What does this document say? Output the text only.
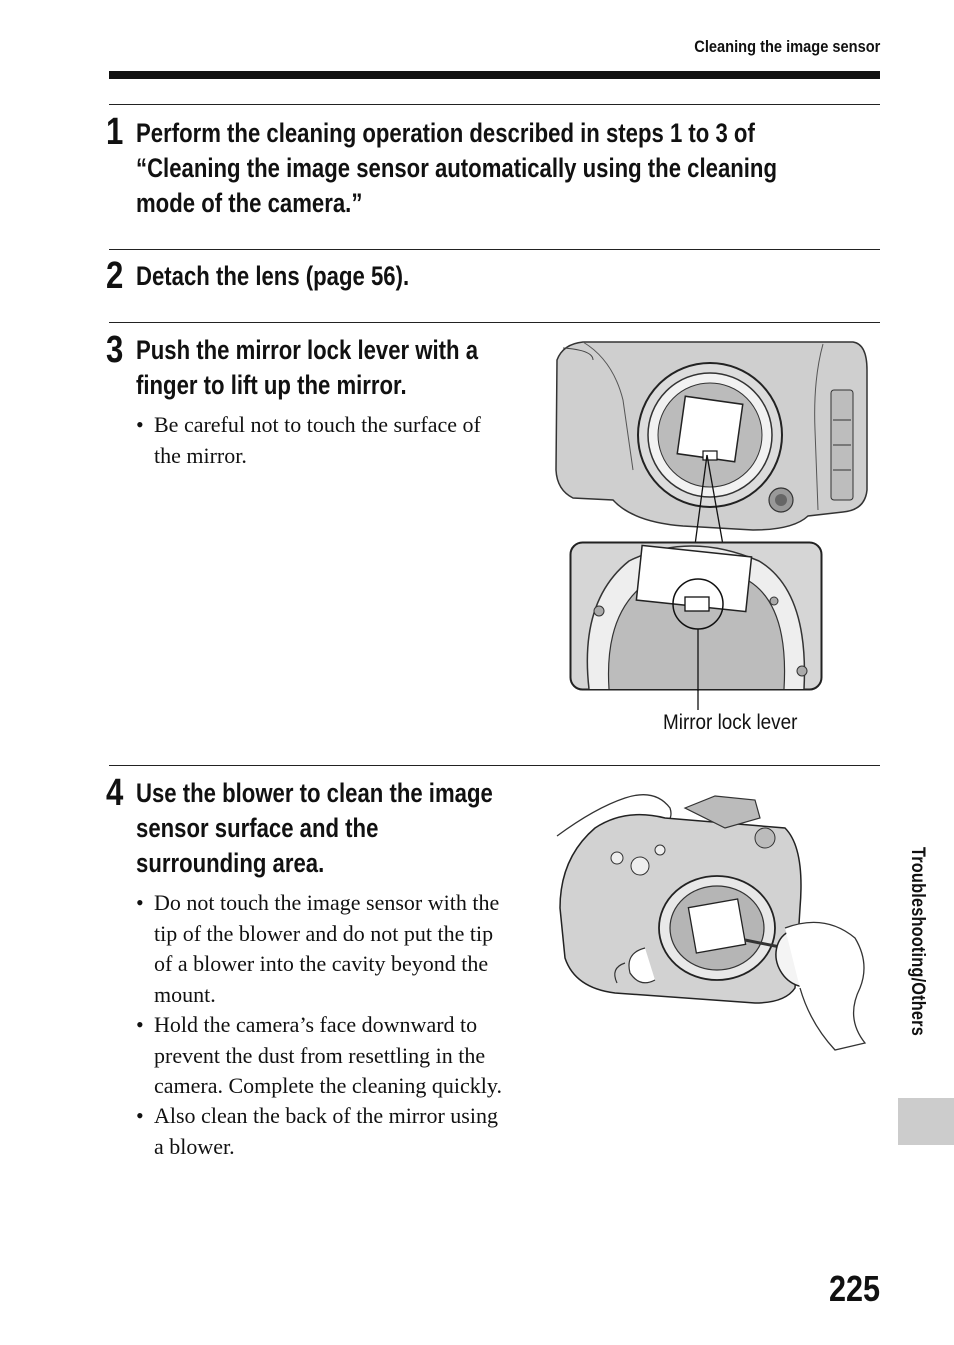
Cleaning the image sensor
1 Perform the cleaning operation described in steps 1 to 3 of
“Cleaning the image sensor automatically using the cleaning
mode of the camera.”
2 Detach the lens (page 56).
3 Push the mirror lock lever with a
finger to lift up the mirror.
• Be careful not to touch the surface of
the mirror.
Mirror lock lever
4 Use the blower to clean the image
sensor surface and the
surrounding area.
• Do not touch the image sensor with the
tip of the blower and do not put the tip
of a blower into the cavity beyond the
mount.
• Hold the camera’s face downward to
prevent the dust from resettling in the
camera. Complete the cleaning quickly.
• Also clean the back of the mirror using
a blower.
Troubleshooting/Others
225
